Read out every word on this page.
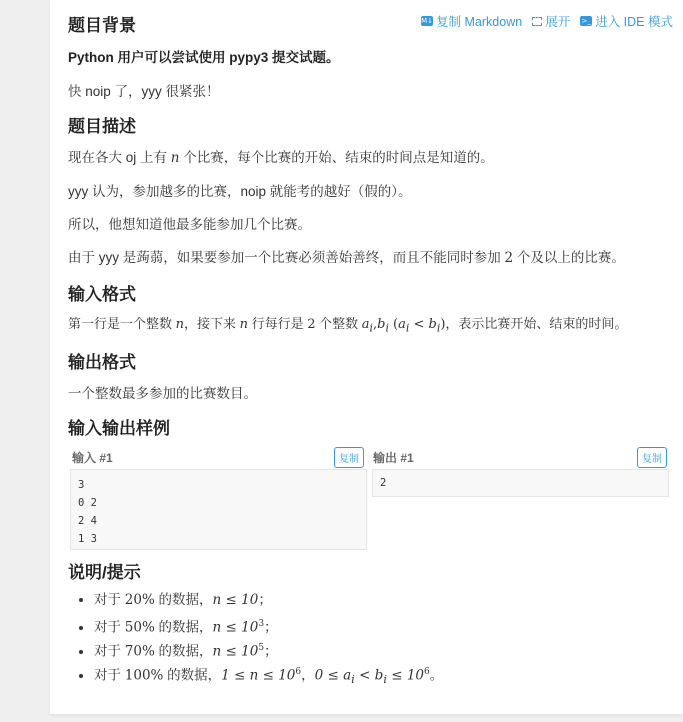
M↓ 复制 Markdown 展开 >_ 进入 IDE 模式
题目背景

Python 用户可以尝试使用 pypy3 提交试题。

快 noip 了，yyy 很紧张！

题目描述

现在各大 oj 上有 n 个比赛，每个比赛的开始、结束的时间点是知道的。

yyy 认为，参加越多的比赛，noip 就能考的越好（假的）。

所以，他想知道他最多能参加几个比赛。

由于 yyy 是蒟蒻，如果要参加一个比赛必须善始善终，而且不能同时参加 2 个及以上的比赛。

输入格式

第一行是一个整数 n，接下来 n 行每行是 2 个整数 $a_i,b_i$ $(a_i < b_i)$，表示比赛开始、结束的时间。

输出格式

一个整数最多参加的比赛数目。

输入输出样例
输入 #1	复制
3
0 2
2 4
1 3
输出 #1	复制
2
说明/提示
• 对于 20% 的数据，n ≤ 10；
• 对于 50% 的数据，$n \le 10^3$；
• 对于 70% 的数据，$n \le 10^5$；
• 对于 100% 的数据，$1 \le n \le 10^6$，$0 \le a_i < b_i \le 10^6$。
